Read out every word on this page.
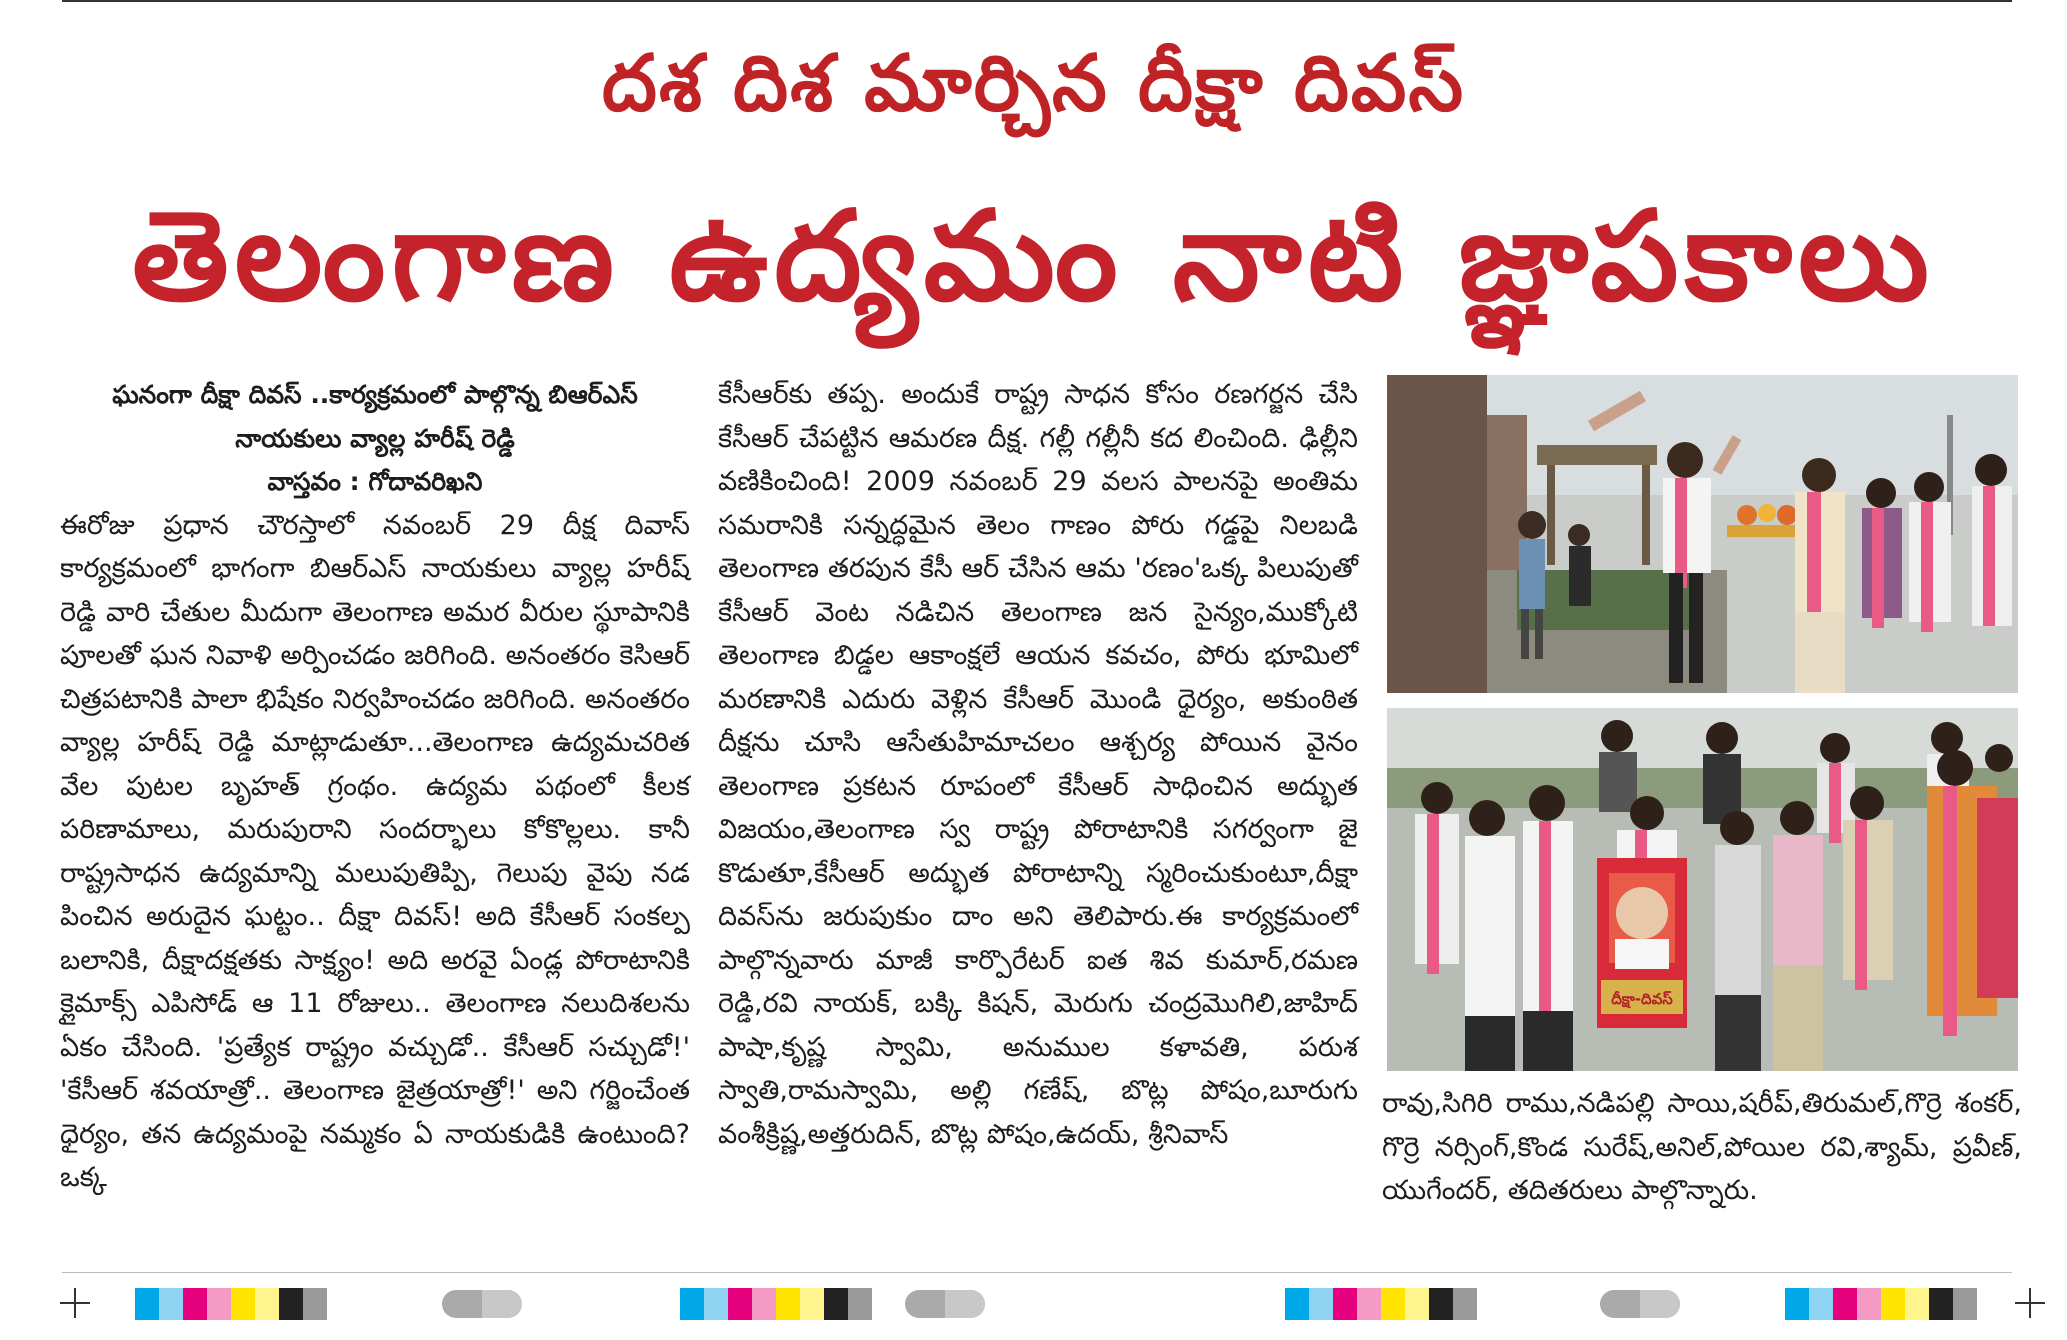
దశ దిశ మార్చిన దీక్షా దివస్
తెలంగాణ ఉద్యమం నాటి జ్ఞాపకాలు
ఘనంగా దీక్షా దివస్ ..కార్యక్రమంలో పాల్గొన్న బిఆర్ఎస్
నాయకులు వ్యాల్ల హరీష్ రెడ్డి
వాస్తవం : గోదావరిఖని
ఈరోజు ప్రధాన చౌరస్తాలో నవంబర్ 29 దీక్ష దివాస్ కార్యక్రమంలో భాగంగా బిఆర్ఎస్ నాయకులు వ్యాల్ల హరీష్ రెడ్డి వారి చేతుల మీదుగా తెలంగాణ అమర వీరుల స్థూపానికి పూలతో ఘన నివాళి అర్పించడం జరిగింది. అనంతరం కెసిఆర్ చిత్రపటానికి పాలా భిషేకం నిర్వహించడం జరిగింది. అనంతరం వ్యాల్ల హరీష్ రెడ్డి మాట్లాడుతూ...తెలంగాణ ఉద్యమచరిత వేల పుటల బృహత్ గ్రంథం. ఉద్యమ పథంలో కీలక పరిణామాలు, మరుపురాని సందర్భాలు కోకొల్లలు. కానీ రాష్ట్రసాధన ఉద్యమాన్ని మలుపుతిప్పి, గెలుపు వైపు నడ పించిన అరుదైన ఘట్టం.. దీక్షా దివస్! అది కేసీఆర్ సంకల్ప బలానికి, దీక్షాదక్షతకు సాక్ష్యం! అది అరవై ఏండ్ల పోరాటానికి క్లైమాక్స్ ఎపిసోడ్ ఆ 11 రోజులు.. తెలంగాణ నలుదిశలను ఏకం చేసింది. 'ప్రత్యేక రాష్ట్రం వచ్చుడో.. కేసీఆర్ సచ్చుడో!' 'కేసీఆర్ శవయాత్రో.. తెలంగాణ జైత్రయాత్రో!' అని గర్జించేంత ధైర్యం, తన ఉద్యమంపై నమ్మకం ఏ నాయకుడికి ఉంటుంది? ఒక్క
కేసీఆర్‌కు తప్ప. అందుకే రాష్ట్ర సాధన కోసం రణగర్జన చేసి కేసీఆర్ చేపట్టిన ఆమరణ దీక్ష. గల్లీ గల్లీనీ కద లించింది. ఢిల్లీని వణికించింది! 2009 నవంబర్ 29 వలస పాలనపై అంతిమ సమరానికి సన్నద్ధమైన తెలం గాణం పోరు గడ్డపై నిలబడి తెలంగాణ తరపున కేసీ ఆర్ చేసిన ఆమ 'రణం'ఒక్క పిలుపుతో కేసీఆర్ వెంట నడిచిన తెలంగాణ జన సైన్యం,ముక్కోటి తెలంగాణ బిడ్డల ఆకాంక్షలే ఆయన కవచం, పోరు భూమిలో మరణానికి ఎదురు వెళ్లిన కేసీఆర్ మొండి ధైర్యం, అకుంఠిత దీక్షను చూసి ఆసేతుహిమాచలం ఆశ్చర్య పోయిన వైనం తెలంగాణ ప్రకటన రూపంలో కేసీఆర్ సాధించిన అద్భుత విజయం,తెలంగాణ స్వ రాష్ట్ర పోరాటానికి సగర్వంగా జై కొడుతూ,కేసీఆర్ అద్భుత పోరాటాన్ని స్మరించుకుంటూ,దీక్షా దివస్‌ను జరుపుకుం దాం అని తెలిపారు.ఈ కార్యక్రమంలో పాల్గొన్నవారు మాజీ కార్పొరేటర్ ఐత శివ కుమార్,రమణ రెడ్డి,రవి నాయక్, బక్కి కిషన్, మెరుగు చంద్రమొగిలి,జాహిద్ పాషా,కృష్ణ స్వామి, అనుముల కళావతి, పరుశ స్వాతి,రామస్వామి, అల్లి గణేష్, బొట్ల పోషం,బూరుగు వంశీక్రిష్ణ,అత్తరుదిన్, బొట్ల పోషం,ఉదయ్, శ్రీనివాస్
దీక్షా-దివస్
రావు,సిగిరి రాము,నడిపల్లి సాయి,షరీప్,తిరుమల్,గొర్రె శంకర్, గొర్రె నర్సింగ్,కొండ సురేష్,అనిల్,పోయిల రవి,శ్యామ్, ప్రవీణ్, యుగేందర్, తదితరులు పాల్గొన్నారు.
